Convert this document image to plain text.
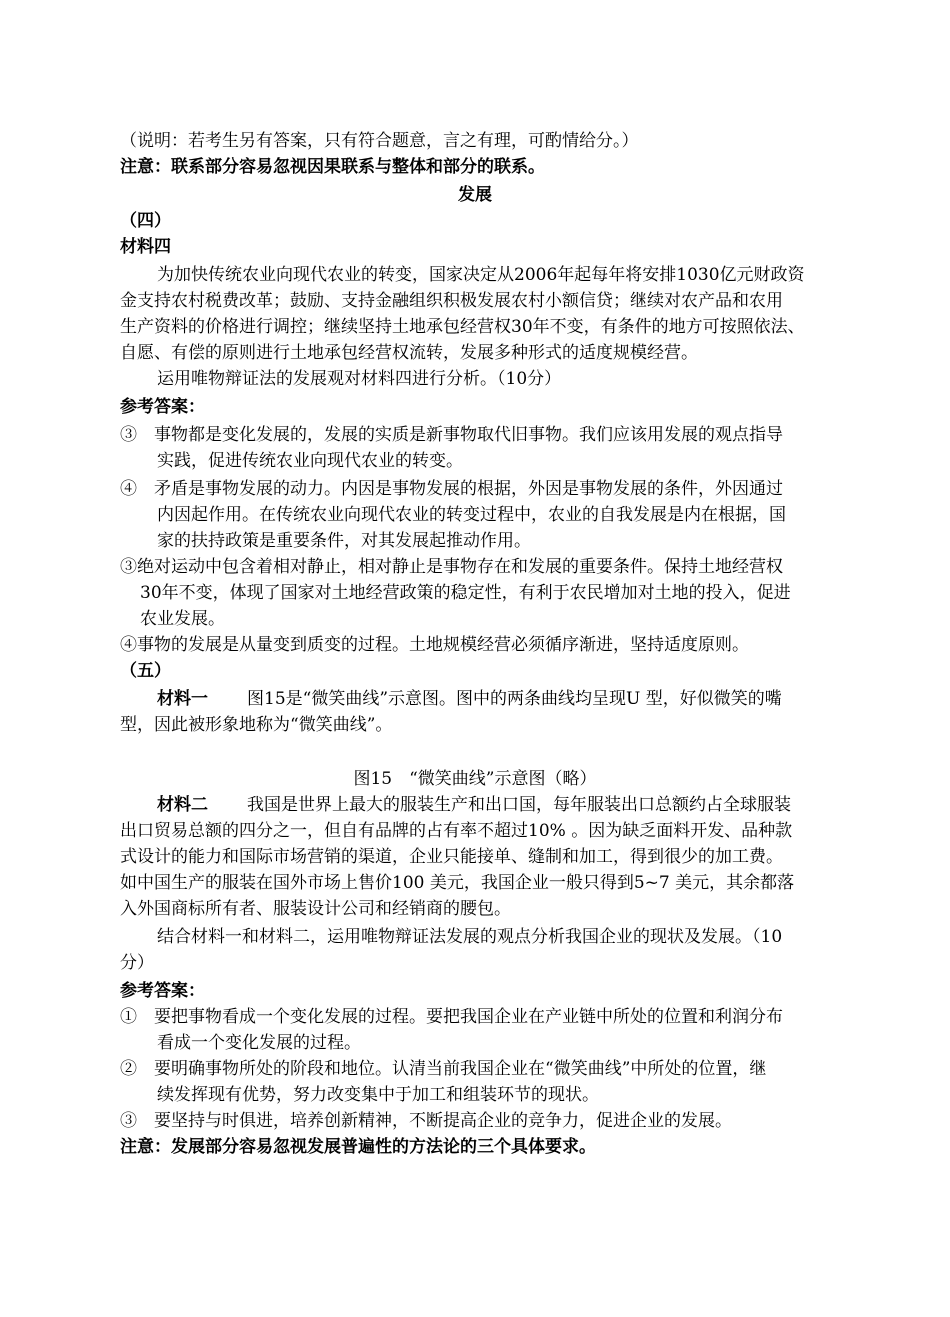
（说明：若考生另有答案，只有符合题意，言之有理，可酌情给分。）
注意：联系部分容易忽视因果联系与整体和部分的联系。
发展
（四）
材料四
为加快传统农业向现代农业的转变，国家决定从2006年起每年将安排1030亿元财政资
金支持农村税费改革；鼓励、支持金融组织积极发展农村小额信贷；继续对农产品和农用
生产资料的价格进行调控；继续坚持土地承包经营权30年不变，有条件的地方可按照依法、
自愿、有偿的原则进行土地承包经营权流转，发展多种形式的适度规模经营。
运用唯物辩证法的发展观对材料四进行分析。（10分）
参考答案：
③　事物都是变化发展的，发展的实质是新事物取代旧事物。我们应该用发展的观点指导
实践，促进传统农业向现代农业的转变。
④　矛盾是事物发展的动力。内因是事物发展的根据，外因是事物发展的条件，外因通过
内因起作用。在传统农业向现代农业的转变过程中，农业的自我发展是内在根据，国
家的扶持政策是重要条件，对其发展起推动作用。
③绝对运动中包含着相对静止，相对静止是事物存在和发展的重要条件。保持土地经营权
30年不变，体现了国家对土地经营政策的稳定性，有利于农民增加对土地的投入，促进
农业发展。
④事物的发展是从量变到质变的过程。土地规模经营必须循序渐进，坚持适度原则。
（五）
材料一 图15是“微笑曲线”示意图。图中的两条曲线均呈现U 型，好似微笑的嘴
型，因此被形象地称为“微笑曲线”。
图15　“微笑曲线”示意图（略）
材料二 我国是世界上最大的服装生产和出口国，每年服装出口总额约占全球服装
出口贸易总额的四分之一，但自有品牌的占有率不超过10% 。因为缺乏面料开发、品种款
式设计的能力和国际市场营销的渠道，企业只能接单、缝制和加工，得到很少的加工费。
如中国生产的服装在国外市场上售价100 美元，我国企业一般只得到5~7 美元，其余都落
入外国商标所有者、服装设计公司和经销商的腰包。
结合材料一和材料二，运用唯物辩证法发展的观点分析我国企业的现状及发展。（10
分）
参考答案：
①　要把事物看成一个变化发展的过程。要把我国企业在产业链中所处的位置和利润分布
看成一个变化发展的过程。
②　要明确事物所处的阶段和地位。认清当前我国企业在“微笑曲线”中所处的位置，继
续发挥现有优势，努力改变集中于加工和组装环节的现状。
③　要坚持与时俱进，培养创新精神，不断提高企业的竞争力，促进企业的发展。
注意：发展部分容易忽视发展普遍性的方法论的三个具体要求。
